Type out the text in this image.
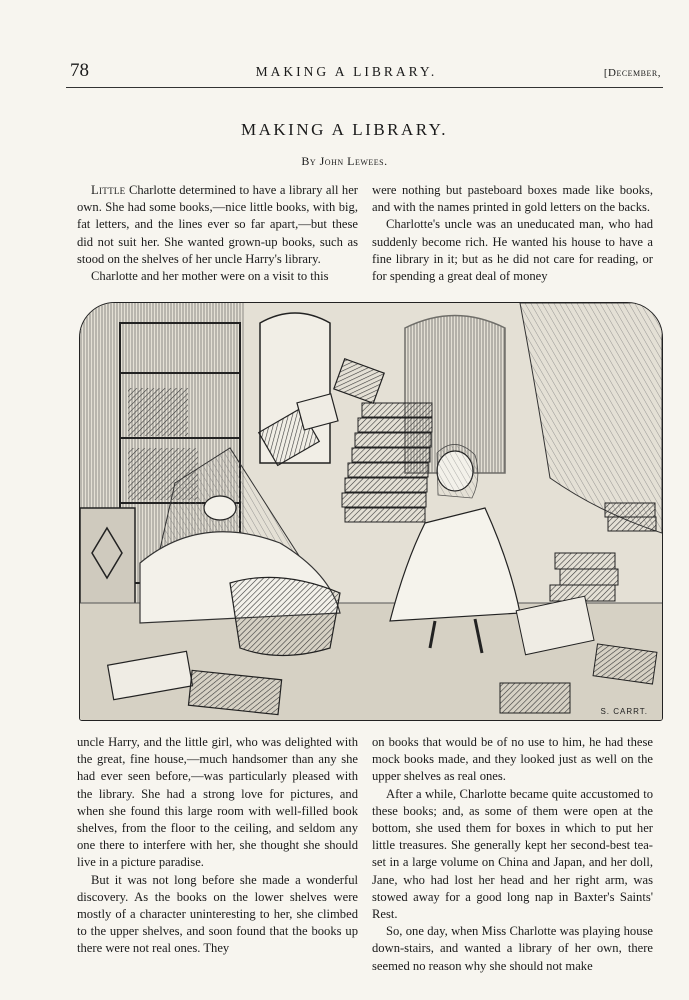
78	MAKING A LIBRARY.	[December,
MAKING A LIBRARY.
By John Lewees.

Little Charlotte determined to have a library all her own. She had some books,—nice little books, with big, fat letters, and the lines ever so far apart,—but these did not suit her. She wanted grown-up books, such as stood on the shelves of her uncle Harry's library.

Charlotte and her mother were on a visit to this

were nothing but pasteboard boxes made like books, and with the names printed in gold letters on the backs.

Charlotte's uncle was an uneducated man, who had suddenly become rich. He wanted his house to have a fine library in it; but as he did not care for reading, or for spending a great deal of money

S. CARRT.

uncle Harry, and the little girl, who was delighted with the great, fine house,—much handsomer than any she had ever seen before,—was particularly pleased with the library. She had a strong love for pictures, and when she found this large room with well-filled book shelves, from the floor to the ceiling, and seldom any one there to interfere with her, she thought she should live in a picture paradise.

But it was not long before she made a wonderful discovery. As the books on the lower shelves were mostly of a character uninteresting to her, she climbed to the upper shelves, and soon found that the books up there were not real ones. They

on books that would be of no use to him, he had these mock books made, and they looked just as well on the upper shelves as real ones.

After a while, Charlotte became quite accustomed to these books; and, as some of them were open at the bottom, she used them for boxes in which to put her little treasures. She generally kept her second-best tea-set in a large volume on China and Japan, and her doll, Jane, who had lost her head and her right arm, was stowed away for a good long nap in Baxter's Saints' Rest.

So, one day, when Miss Charlotte was playing house down-stairs, and wanted a library of her own, there seemed no reason why she should not make
